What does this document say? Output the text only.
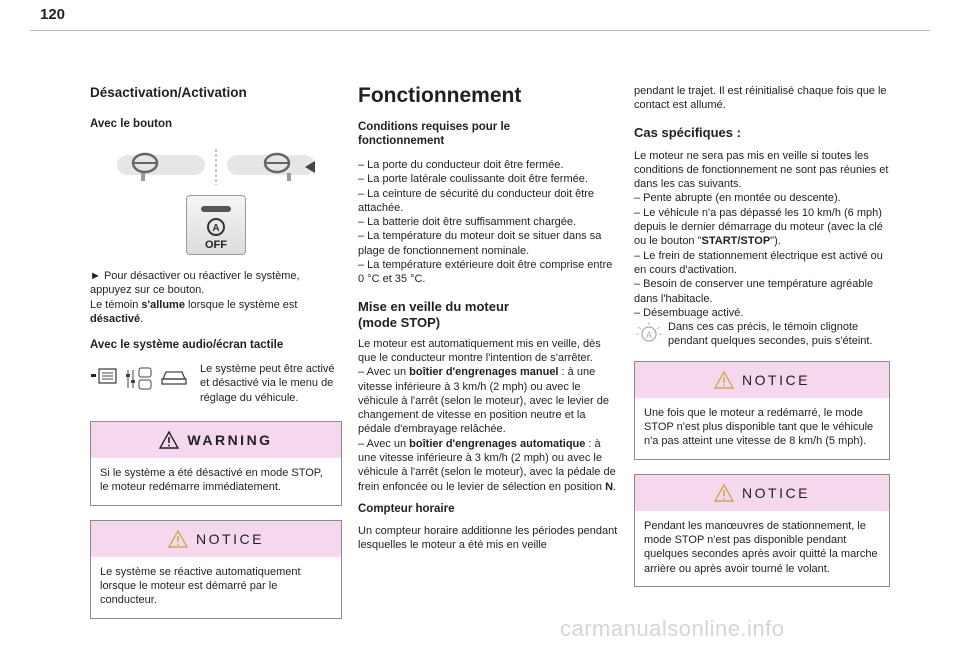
120
Désactivation/Activation
Avec le bouton
A
OFF
► Pour désactiver ou réactiver le système, appuyez sur ce bouton.
Le témoin s'allume lorsque le système est désactivé.
Avec le système audio/écran tactile
Le système peut être activé et désactivé via le menu de réglage du véhicule.
WARNING
Si le système a été désactivé en mode STOP, le moteur redémarre immédiatement.
NOTICE
Le système se réactive automatiquement lorsque le moteur est démarré par le conducteur.
Fonctionnement
Conditions requises pour le fonctionnement
– La porte du conducteur doit être fermée.
– La porte latérale coulissante doit être fermée.
– La ceinture de sécurité du conducteur doit être attachée.
– La batterie doit être suffisamment chargée.
– La température du moteur doit se situer dans sa plage de fonctionnement nominale.
– La température extérieure doit être comprise entre 0 °C et 35 °C.
Mise en veille du moteur (mode STOP)
Le moteur est automatiquement mis en veille, dès que le conducteur montre l'intention de s'arrêter.
– Avec un boîtier d'engrenages manuel : à une vitesse inférieure à 3 km/h (2 mph) ou avec le véhicule à l'arrêt (selon le moteur), avec le levier de changement de vitesse en position neutre et la pédale d'embrayage relâchée.
– Avec un boîtier d'engrenages automatique : à une vitesse inférieure à 3 km/h (2 mph) ou avec le véhicule à l'arrêt (selon le moteur), avec la pédale de frein enfoncée ou le levier de sélection en position N.
Compteur horaire
Un compteur horaire additionne les périodes pendant lesquelles le moteur a été mis en veille
pendant le trajet. Il est réinitialisé chaque fois que le contact est allumé.
Cas spécifiques :
Le moteur ne sera pas mis en veille si toutes les conditions de fonctionnement ne sont pas réunies et dans les cas suivants.
– Pente abrupte (en montée ou descente).
– Le véhicule n'a pas dépassé les 10 km/h (6 mph) depuis le dernier démarrage du moteur (avec la clé ou le bouton "START/STOP").
– Le frein de stationnement électrique est activé ou en cours d'activation.
– Besoin de conserver une température agréable dans l'habitacle.
– Désembuage activé.
A
Dans ces cas précis, le témoin clignote pendant quelques secondes, puis s'éteint.
NOTICE
Une fois que le moteur a redémarré, le mode STOP n'est plus disponible tant que le véhicule n'a pas atteint une vitesse de 8 km/h (5 mph).
NOTICE
Pendant les manœuvres de stationnement, le mode STOP n'est pas disponible pendant quelques secondes après avoir quitté la marche arrière ou après avoir tourné le volant.
carmanualsonline.info
